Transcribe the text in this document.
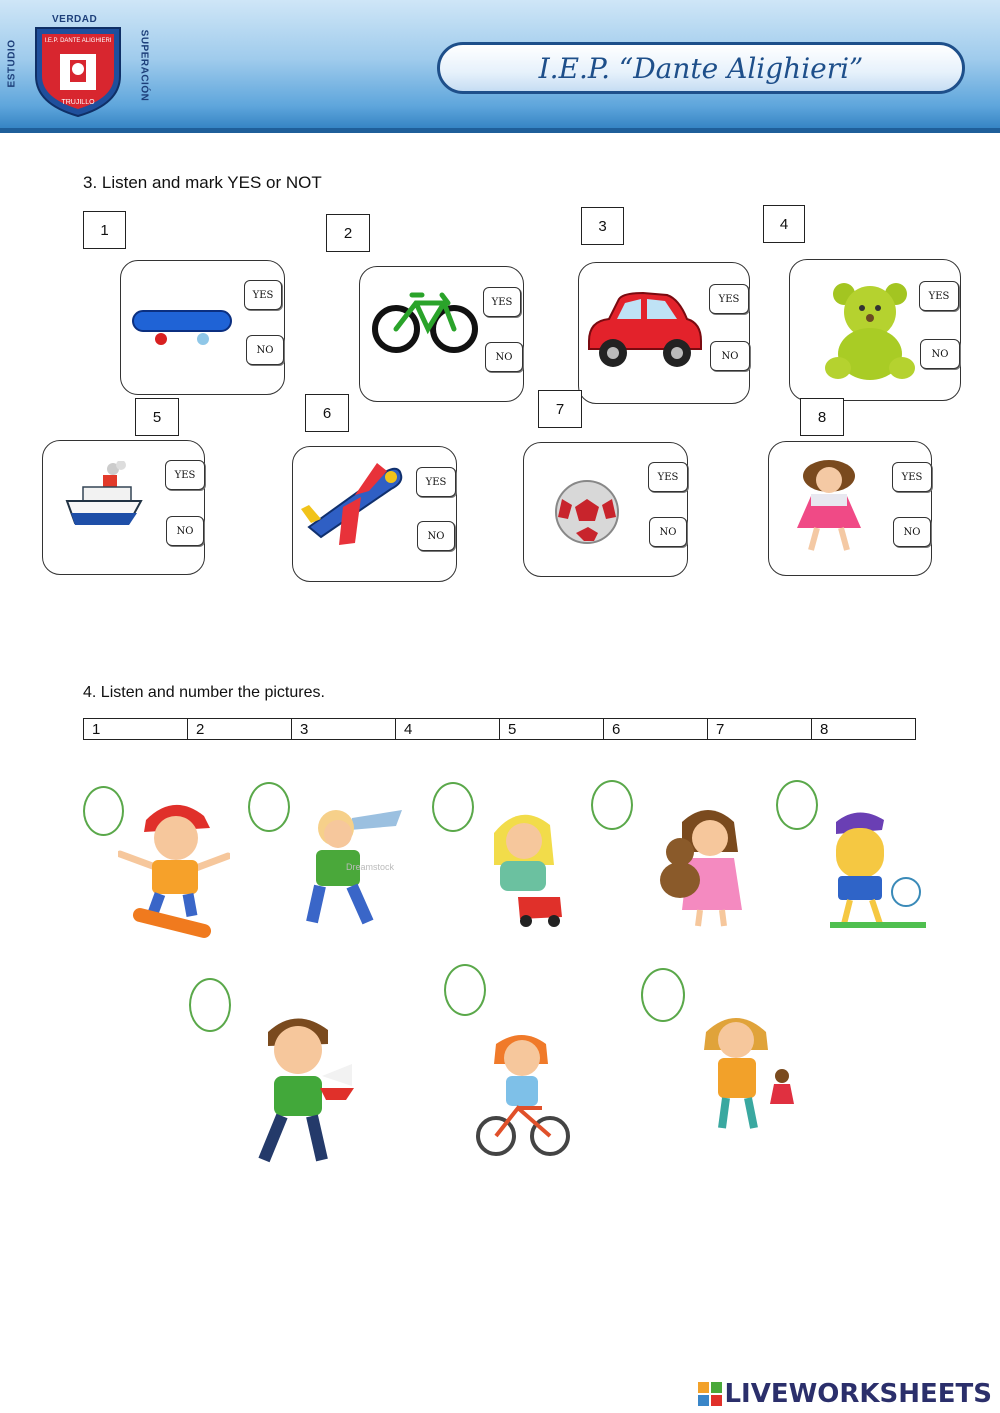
VERDAD
ESTUDIO	SUPERACIÓN
I.E.P. DANTE ALIGHIERI
TRUJILLO
I.E.P. “Dante Alighieri”
3. Listen and mark YES or NOT
1
YES
NO
2
YES
NO
3
YES
NO
4
YES
NO
5
YES
NO
6
YES
NO
7
YES
NO
8
YES
NO
4. Listen and number the pictures.
1	2	3	4	5	6	7	8
Dreamstock
LIVEWORKSHEETS
